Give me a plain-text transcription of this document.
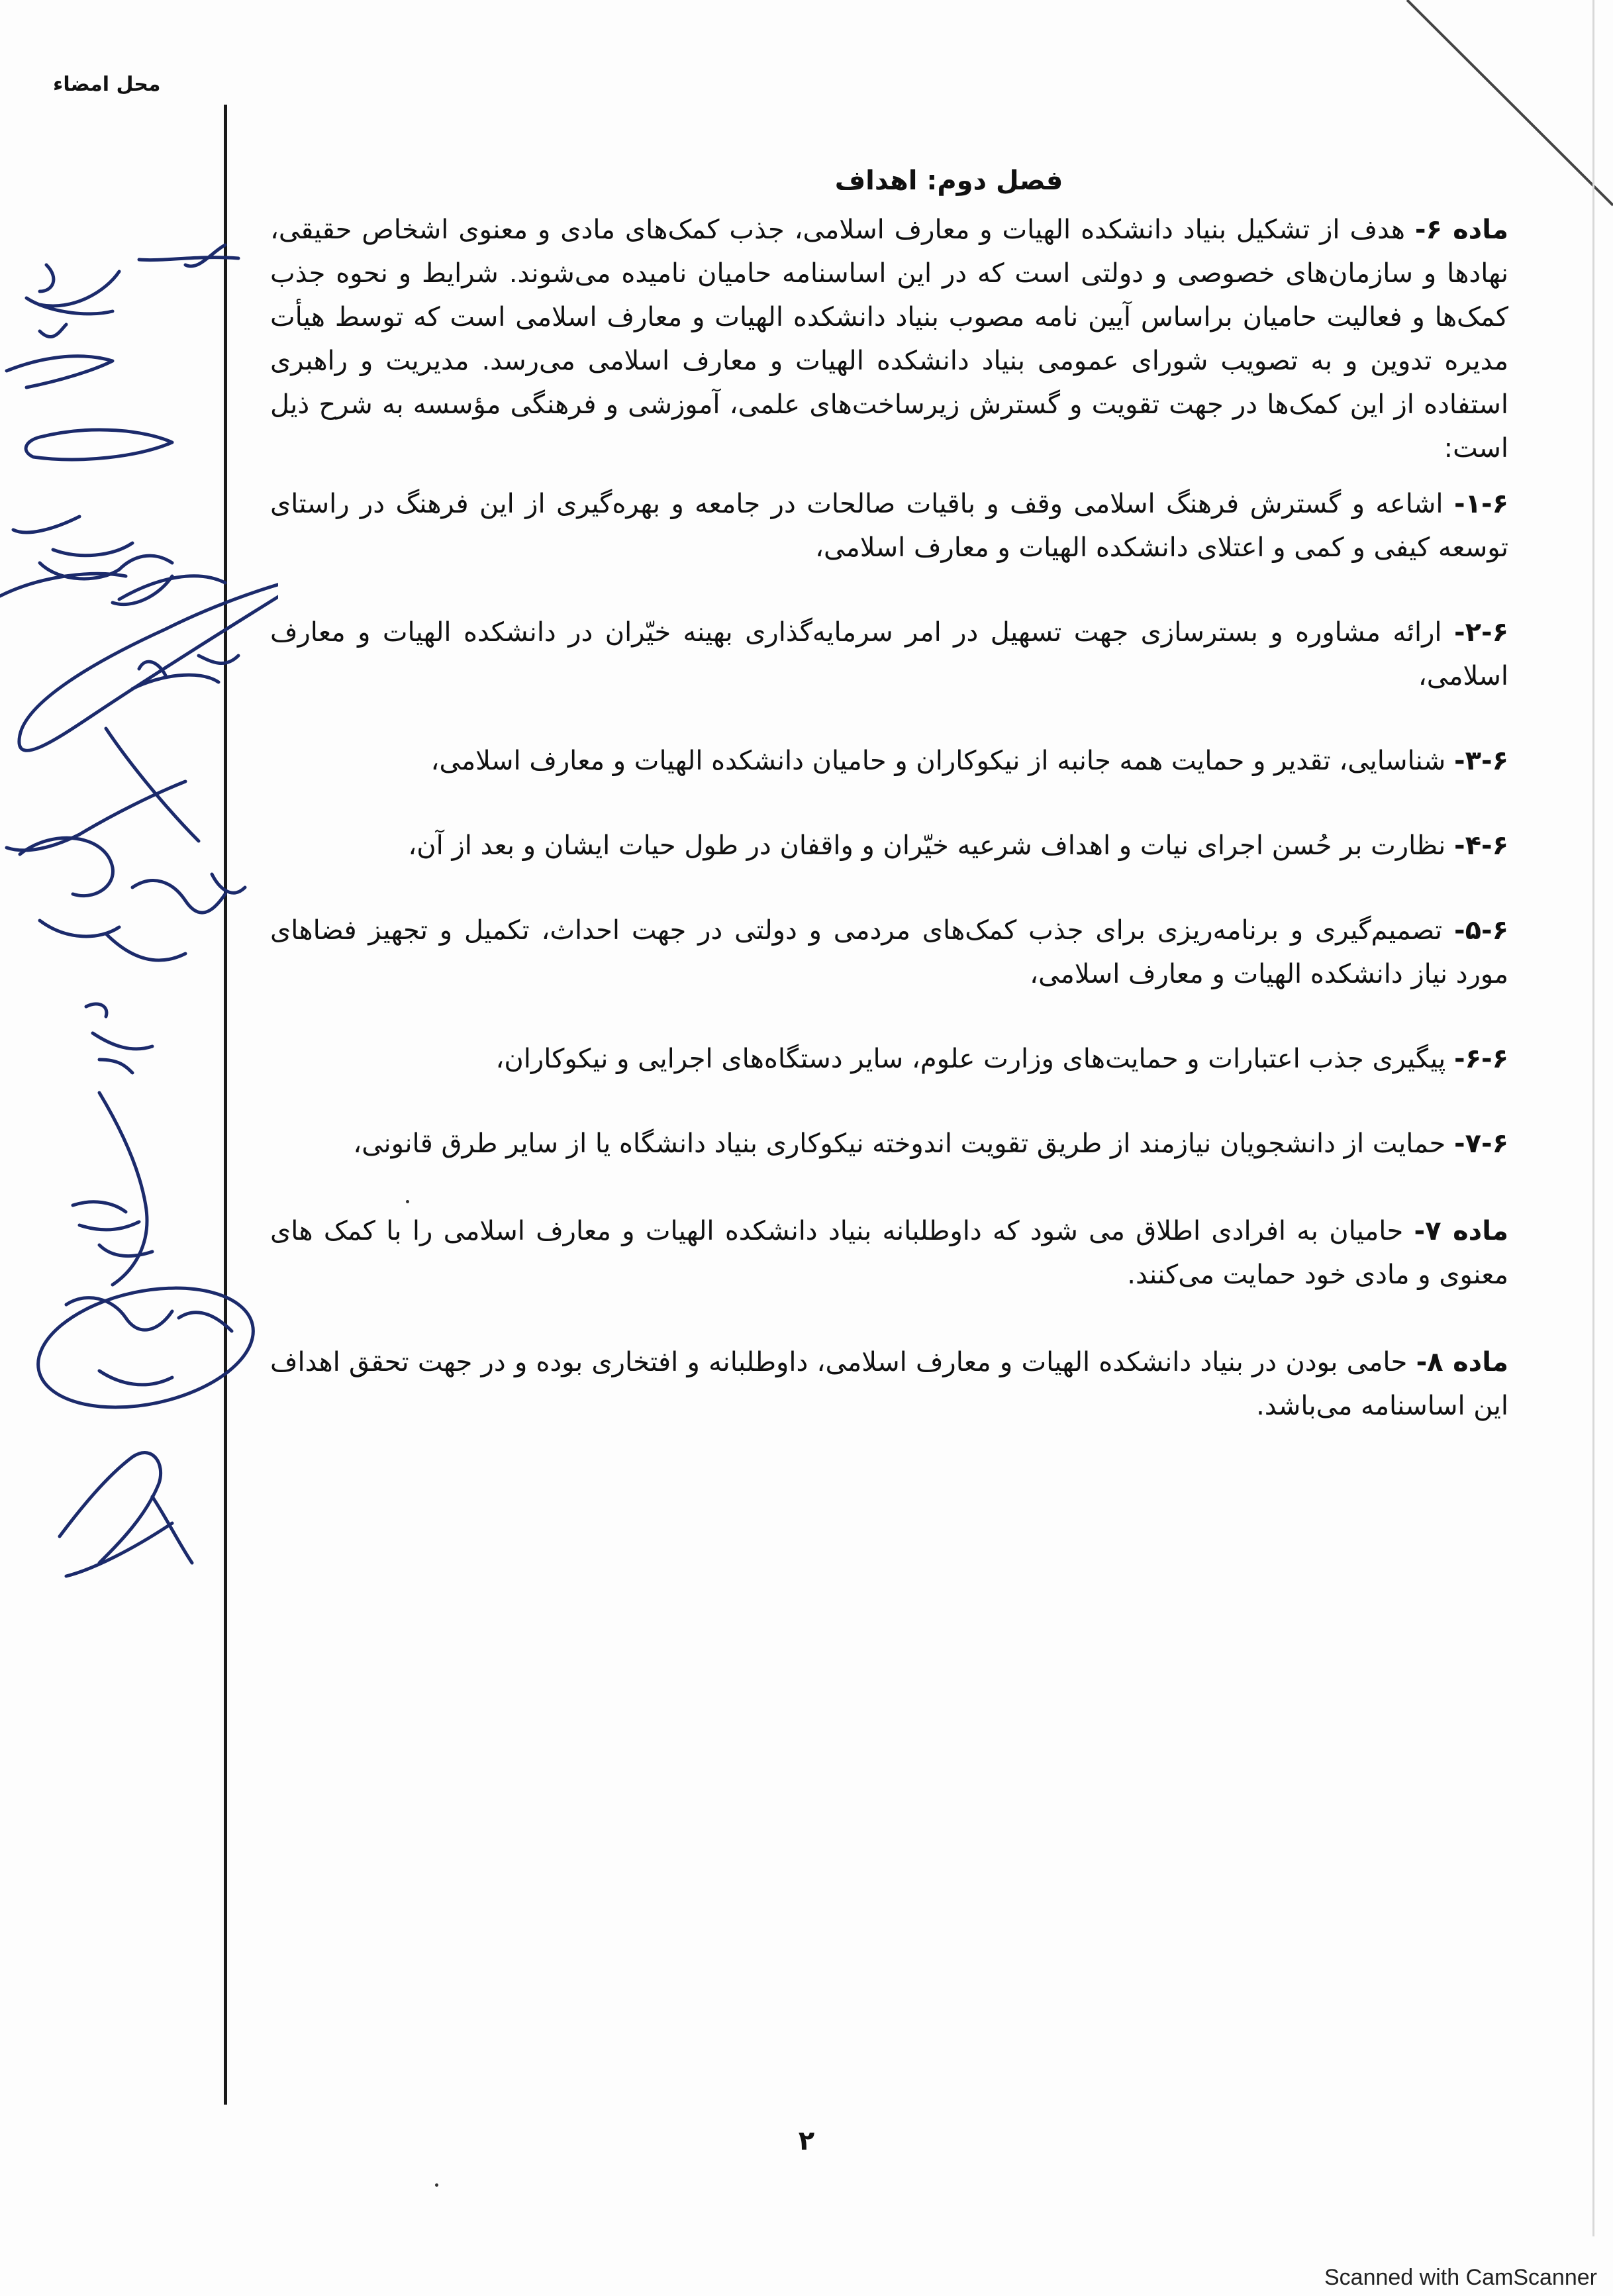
محل امضاء
فصل دوم: اهداف

ماده ۶- هدف از تشکیل بنیاد دانشکده الهیات و معارف اسلامی، جذب کمک‌های مادی و معنوی اشخاص حقیقی، نهادها و سازمان‌های خصوصی و دولتی است که در این اساسنامه حامیان نامیده می‌شوند. شرایط و نحوه جذب کمک‌ها و فعالیت حامیان براساس آیین نامه مصوب بنیاد دانشکده الهیات و معارف اسلامی است که توسط هیأت مدیره تدوین و به تصویب شورای عمومی بنیاد دانشکده الهیات و معارف اسلامی می‌رسد. مدیریت و راهبری استفاده از این کمک‌ها در جهت تقویت و گسترش زیرساخت‌های علمی، آموزشی و فرهنگی مؤسسه به شرح ذیل است:

۱-۶- اشاعه و گسترش فرهنگ اسلامی وقف و باقیات صالحات در جامعه و بهره‌گیری از این فرهنگ در راستای توسعه کیفی و کمی و اعتلای دانشکده الهیات و معارف اسلامی،

۲-۶- ارائه مشاوره و بسترسازی جهت تسهیل در امر سرمایه‌گذاری بهینه خیّران در دانشکده الهیات و معارف اسلامی،

۳-۶- شناسایی، تقدیر و حمایت همه جانبه از نیکوکاران و حامیان دانشکده الهیات و معارف اسلامی،

۴-۶- نظارت بر حُسن اجرای نیات و اهداف شرعیه خیّران و واقفان در طول حیات ایشان و بعد از آن،

۵-۶- تصمیم‌گیری و برنامه‌ریزی برای جذب کمک‌های مردمی و دولتی در جهت احداث، تکمیل و تجهیز فضاهای مورد نیاز دانشکده الهیات و معارف اسلامی،

۶-۶- پیگیری جذب اعتبارات و حمایت‌های وزارت علوم، سایر دستگاه‌های اجرایی و نیکوکاران،

۷-۶- حمایت از دانشجویان نیازمند از طریق تقویت اندوخته نیکوکاری بنیاد دانشگاه یا از سایر طرق قانونی،

ماده ۷- حامیان به افرادی اطلاق می شود که داوطلبانه بنیاد دانشکده الهیات و معارف اسلامی را با کمک های معنوی و مادی خود حمایت می‌کنند.

ماده ۸- حامی بودن در بنیاد دانشکده الهیات و معارف اسلامی، داوطلبانه و افتخاری بوده و در جهت تحقق اهداف این اساسنامه می‌باشد.

۲
Scanned with CamScanner
